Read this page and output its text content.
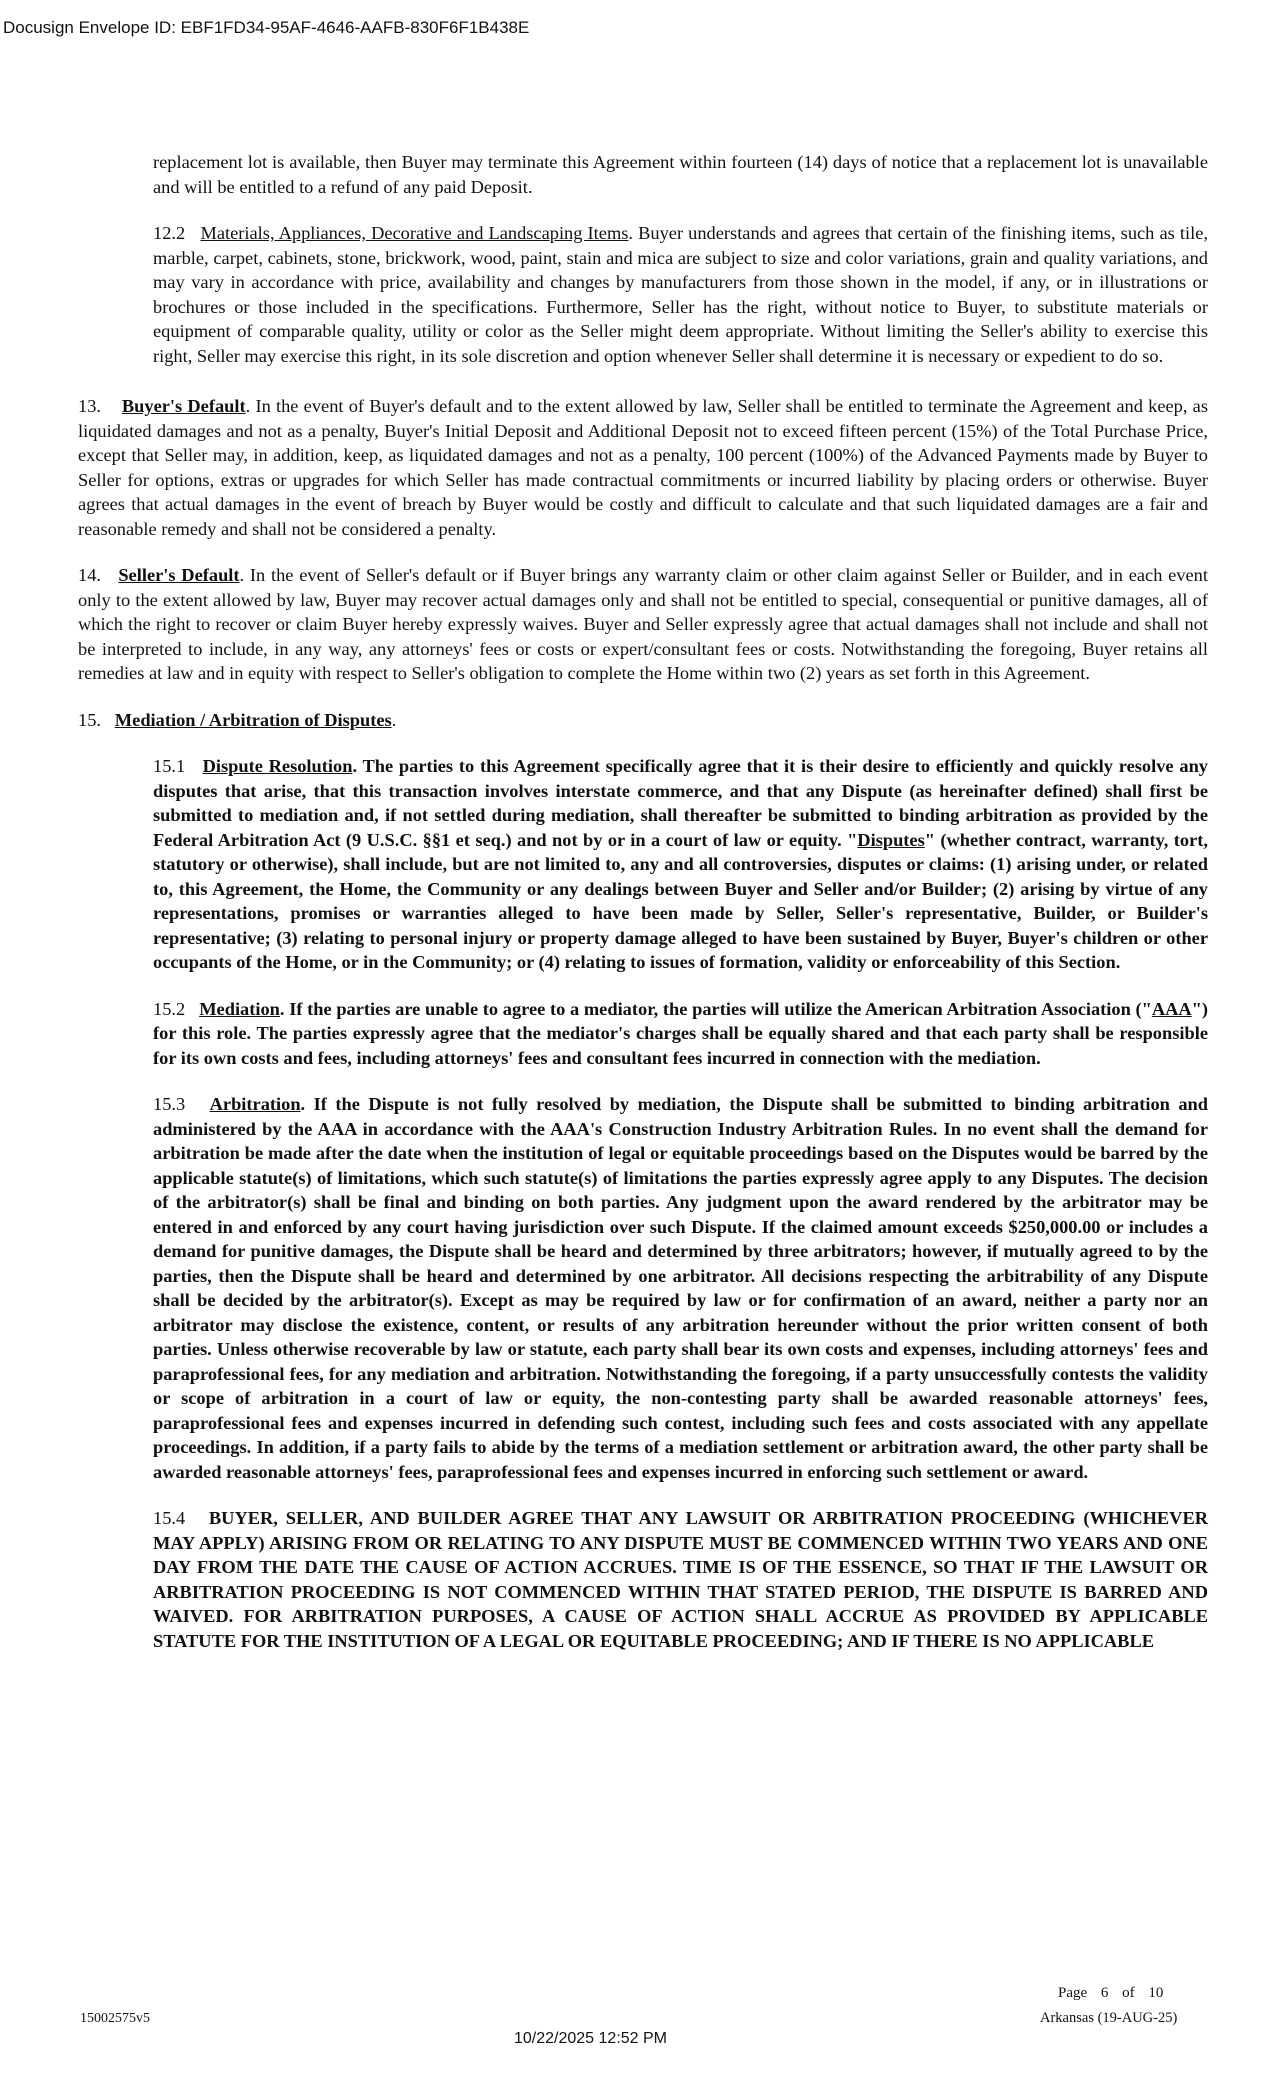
Docusign Envelope ID: EBF1FD34-95AF-4646-AAFB-830F6F1B438E

replacement lot is available, then Buyer may terminate this Agreement within fourteen (14) days of notice that a replacement lot is unavailable and will be entitled to a refund of any paid Deposit.

12.2 Materials, Appliances, Decorative and Landscaping Items. Buyer understands and agrees that certain of the finishing items, such as tile, marble, carpet, cabinets, stone, brickwork, wood, paint, stain and mica are subject to size and color variations, grain and quality variations, and may vary in accordance with price, availability and changes by manufacturers from those shown in the model, if any, or in illustrations or brochures or those included in the specifications. Furthermore, Seller has the right, without notice to Buyer, to substitute materials or equipment of comparable quality, utility or color as the Seller might deem appropriate. Without limiting the Seller's ability to exercise this right, Seller may exercise this right, in its sole discretion and option whenever Seller shall determine it is necessary or expedient to do so.

13. Buyer's Default. In the event of Buyer's default and to the extent allowed by law, Seller shall be entitled to terminate the Agreement and keep, as liquidated damages and not as a penalty, Buyer's Initial Deposit and Additional Deposit not to exceed fifteen percent (15%) of the Total Purchase Price, except that Seller may, in addition, keep, as liquidated damages and not as a penalty, 100 percent (100%) of the Advanced Payments made by Buyer to Seller for options, extras or upgrades for which Seller has made contractual commitments or incurred liability by placing orders or otherwise. Buyer agrees that actual damages in the event of breach by Buyer would be costly and difficult to calculate and that such liquidated damages are a fair and reasonable remedy and shall not be considered a penalty.

14. Seller's Default. In the event of Seller's default or if Buyer brings any warranty claim or other claim against Seller or Builder, and in each event only to the extent allowed by law, Buyer may recover actual damages only and shall not be entitled to special, consequential or punitive damages, all of which the right to recover or claim Buyer hereby expressly waives. Buyer and Seller expressly agree that actual damages shall not include and shall not be interpreted to include, in any way, any attorneys' fees or costs or expert/consultant fees or costs. Notwithstanding the foregoing, Buyer retains all remedies at law and in equity with respect to Seller's obligation to complete the Home within two (2) years as set forth in this Agreement.

15. Mediation / Arbitration of Disputes.

15.1 Dispute Resolution. The parties to this Agreement specifically agree that it is their desire to efficiently and quickly resolve any disputes that arise, that this transaction involves interstate commerce, and that any Dispute (as hereinafter defined) shall first be submitted to mediation and, if not settled during mediation, shall thereafter be submitted to binding arbitration as provided by the Federal Arbitration Act (9 U.S.C. §§1 et seq.) and not by or in a court of law or equity. "Disputes" (whether contract, warranty, tort, statutory or otherwise), shall include, but are not limited to, any and all controversies, disputes or claims: (1) arising under, or related to, this Agreement, the Home, the Community or any dealings between Buyer and Seller and/or Builder; (2) arising by virtue of any representations, promises or warranties alleged to have been made by Seller, Seller's representative, Builder, or Builder's representative; (3) relating to personal injury or property damage alleged to have been sustained by Buyer, Buyer's children or other occupants of the Home, or in the Community; or (4) relating to issues of formation, validity or enforceability of this Section.

15.2 Mediation. If the parties are unable to agree to a mediator, the parties will utilize the American Arbitration Association ("AAA") for this role. The parties expressly agree that the mediator's charges shall be equally shared and that each party shall be responsible for its own costs and fees, including attorneys' fees and consultant fees incurred in connection with the mediation.

15.3 Arbitration. If the Dispute is not fully resolved by mediation, the Dispute shall be submitted to binding arbitration and administered by the AAA in accordance with the AAA's Construction Industry Arbitration Rules. In no event shall the demand for arbitration be made after the date when the institution of legal or equitable proceedings based on the Disputes would be barred by the applicable statute(s) of limitations, which such statute(s) of limitations the parties expressly agree apply to any Disputes. The decision of the arbitrator(s) shall be final and binding on both parties. Any judgment upon the award rendered by the arbitrator may be entered in and enforced by any court having jurisdiction over such Dispute. If the claimed amount exceeds $250,000.00 or includes a demand for punitive damages, the Dispute shall be heard and determined by three arbitrators; however, if mutually agreed to by the parties, then the Dispute shall be heard and determined by one arbitrator. All decisions respecting the arbitrability of any Dispute shall be decided by the arbitrator(s). Except as may be required by law or for confirmation of an award, neither a party nor an arbitrator may disclose the existence, content, or results of any arbitration hereunder without the prior written consent of both parties. Unless otherwise recoverable by law or statute, each party shall bear its own costs and expenses, including attorneys' fees and paraprofessional fees, for any mediation and arbitration. Notwithstanding the foregoing, if a party unsuccessfully contests the validity or scope of arbitration in a court of law or equity, the non-contesting party shall be awarded reasonable attorneys' fees, paraprofessional fees and expenses incurred in defending such contest, including such fees and costs associated with any appellate proceedings. In addition, if a party fails to abide by the terms of a mediation settlement or arbitration award, the other party shall be awarded reasonable attorneys' fees, paraprofessional fees and expenses incurred in enforcing such settlement or award.

15.4 BUYER, SELLER, AND BUILDER AGREE THAT ANY LAWSUIT OR ARBITRATION PROCEEDING (WHICHEVER MAY APPLY) ARISING FROM OR RELATING TO ANY DISPUTE MUST BE COMMENCED WITHIN TWO YEARS AND ONE DAY FROM THE DATE THE CAUSE OF ACTION ACCRUES. TIME IS OF THE ESSENCE, SO THAT IF THE LAWSUIT OR ARBITRATION PROCEEDING IS NOT COMMENCED WITHIN THAT STATED PERIOD, THE DISPUTE IS BARRED AND WAIVED. FOR ARBITRATION PURPOSES, A CAUSE OF ACTION SHALL ACCRUE AS PROVIDED BY APPLICABLE STATUTE FOR THE INSTITUTION OF A LEGAL OR EQUITABLE PROCEEDING; AND IF THERE IS NO APPLICABLE

Page 6 of 10
15002575v5	Arkansas (19-AUG-25)
10/22/2025 12:52 PM
